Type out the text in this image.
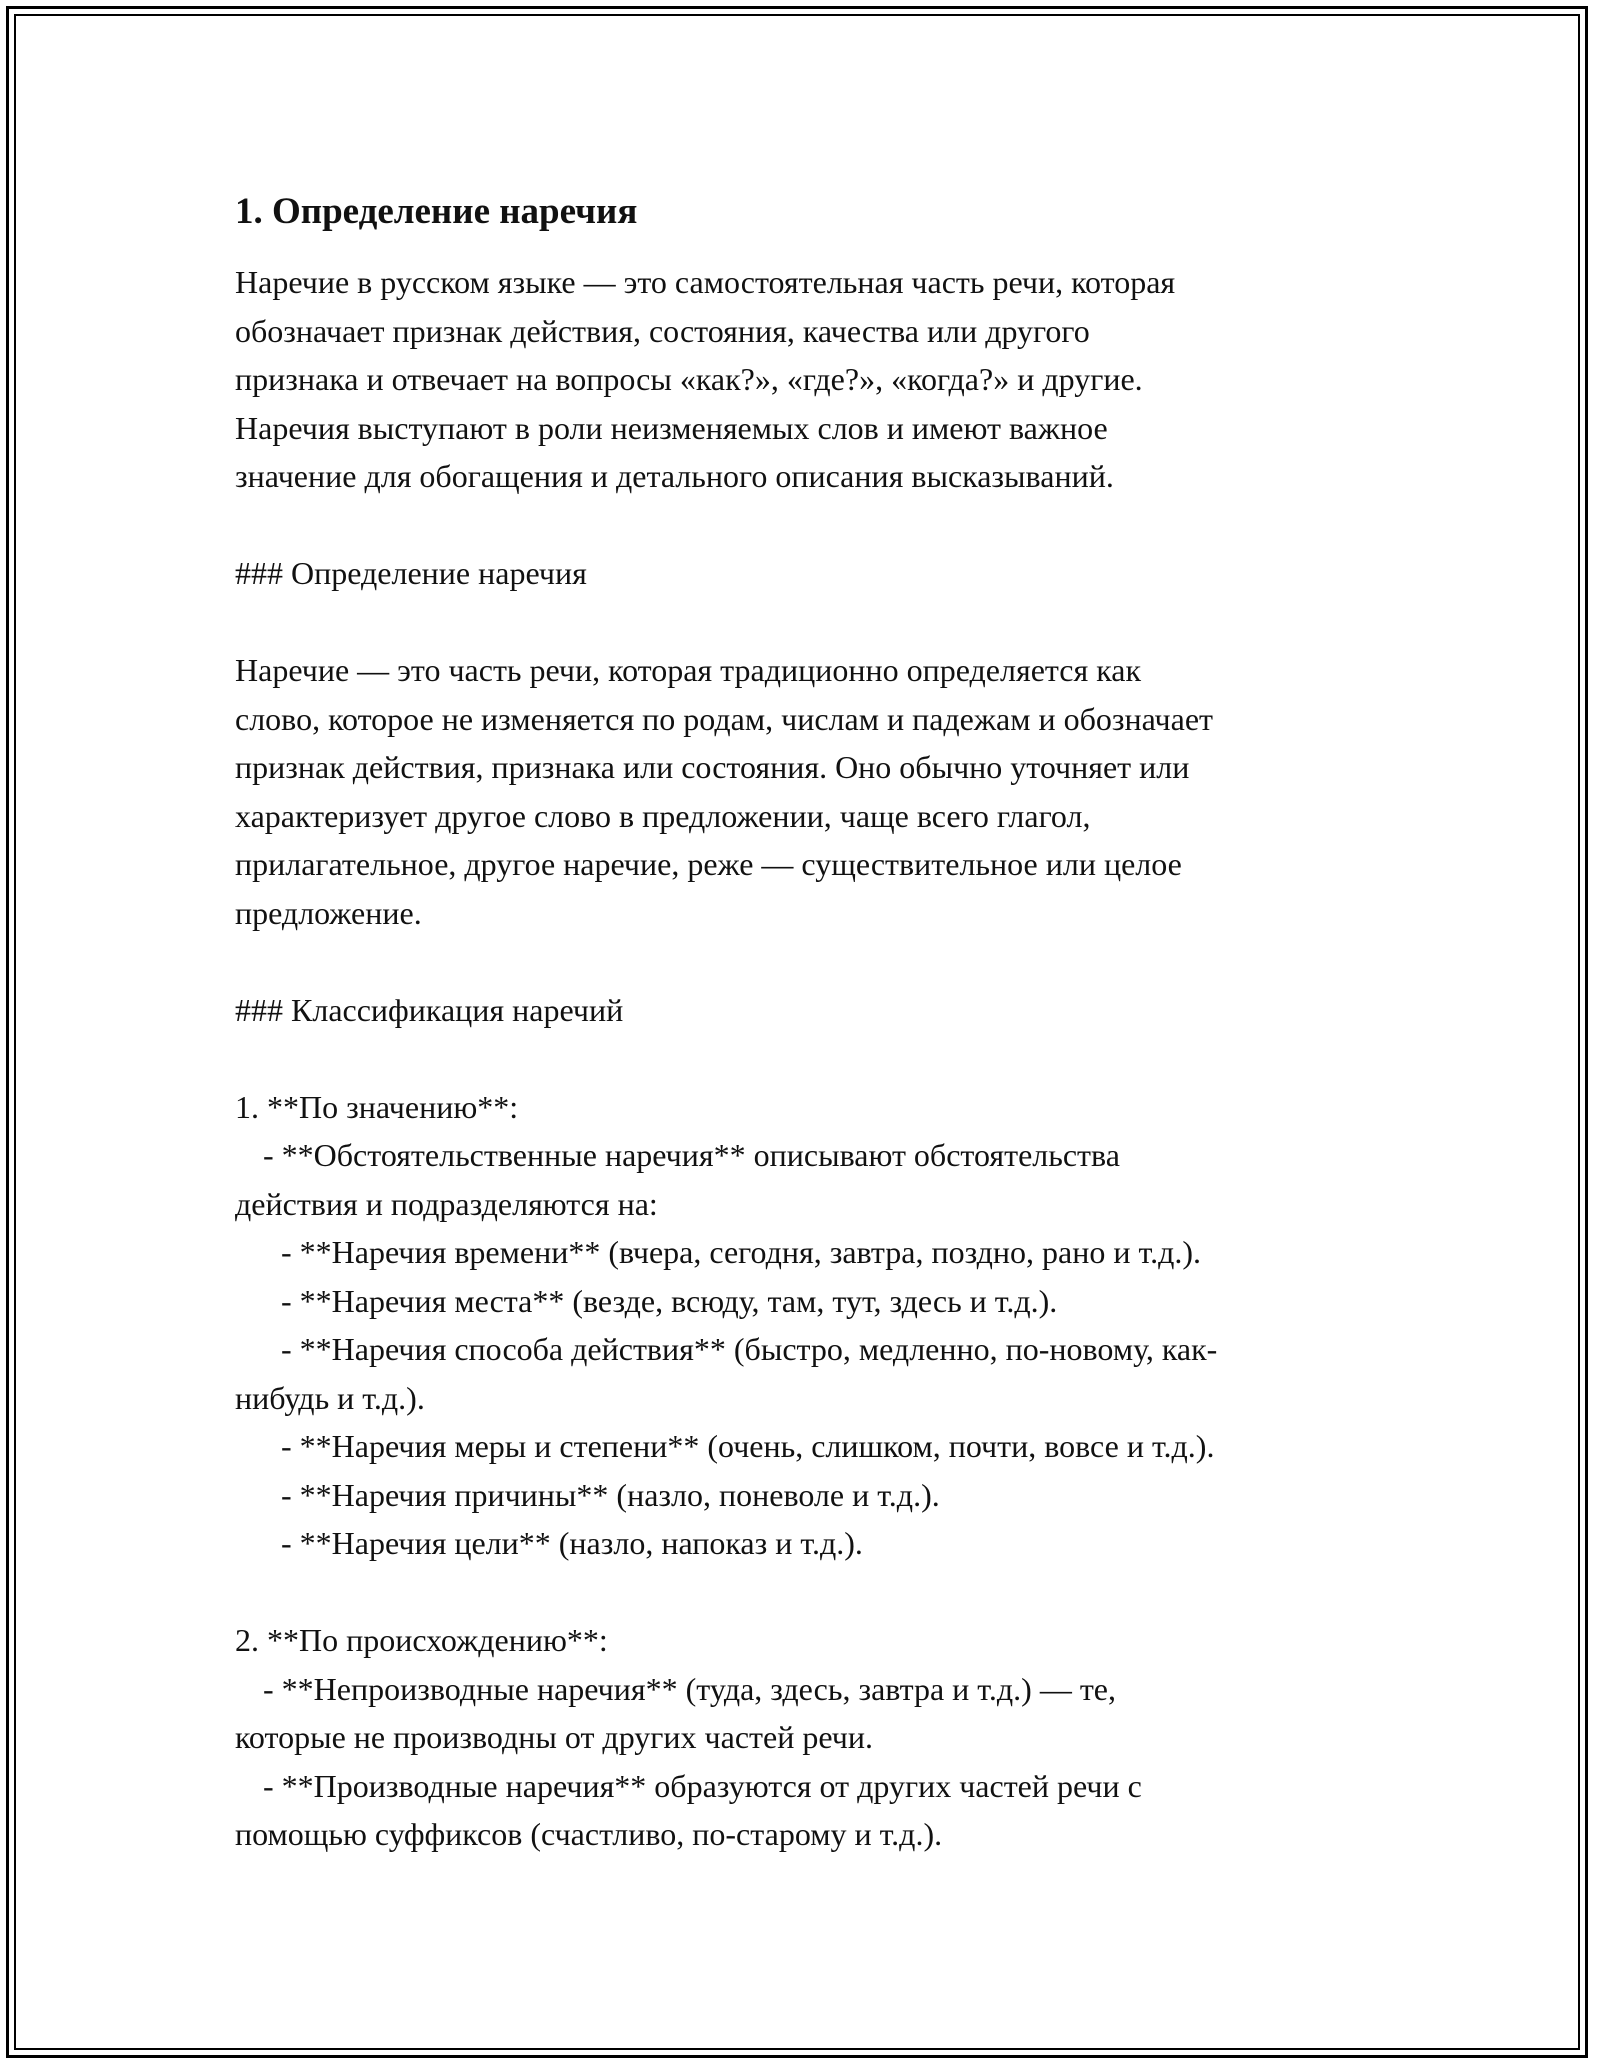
1. Определение наречия

Наречие в русском языке — это самостоятельная часть речи, которая

обозначает признак действия, состояния, качества или другого

признака и отвечает на вопросы «как?», «где?», «когда?» и другие.

Наречия выступают в роли неизменяемых слов и имеют важное

значение для обогащения и детального описания высказываний.

### Определение наречия

Наречие — это часть речи, которая традиционно определяется как

слово, которое не изменяется по родам, числам и падежам и обозначает

признак действия, признака или состояния. Оно обычно уточняет или

характеризует другое слово в предложении, чаще всего глагол,

прилагательное, другое наречие, реже — существительное или целое

предложение.

### Классификация наречий

1. **По значению**:

- **Обстоятельственные наречия** описывают обстоятельства

действия и подразделяются на:

- **Наречия времени** (вчера, сегодня, завтра, поздно, рано и т.д.).

- **Наречия места** (везде, всюду, там, тут, здесь и т.д.).

- **Наречия способа действия** (быстро, медленно, по-новому, как-

нибудь и т.д.).

- **Наречия меры и степени** (очень, слишком, почти, вовсе и т.д.).

- **Наречия причины** (назло, поневоле и т.д.).

- **Наречия цели** (назло, напоказ и т.д.).

2. **По происхождению**:

- **Непроизводные наречия** (туда, здесь, завтра и т.д.) — те,

которые не производны от других частей речи.

- **Производные наречия** образуются от других частей речи с

помощью суффиксов (счастливо, по-старому и т.д.).
